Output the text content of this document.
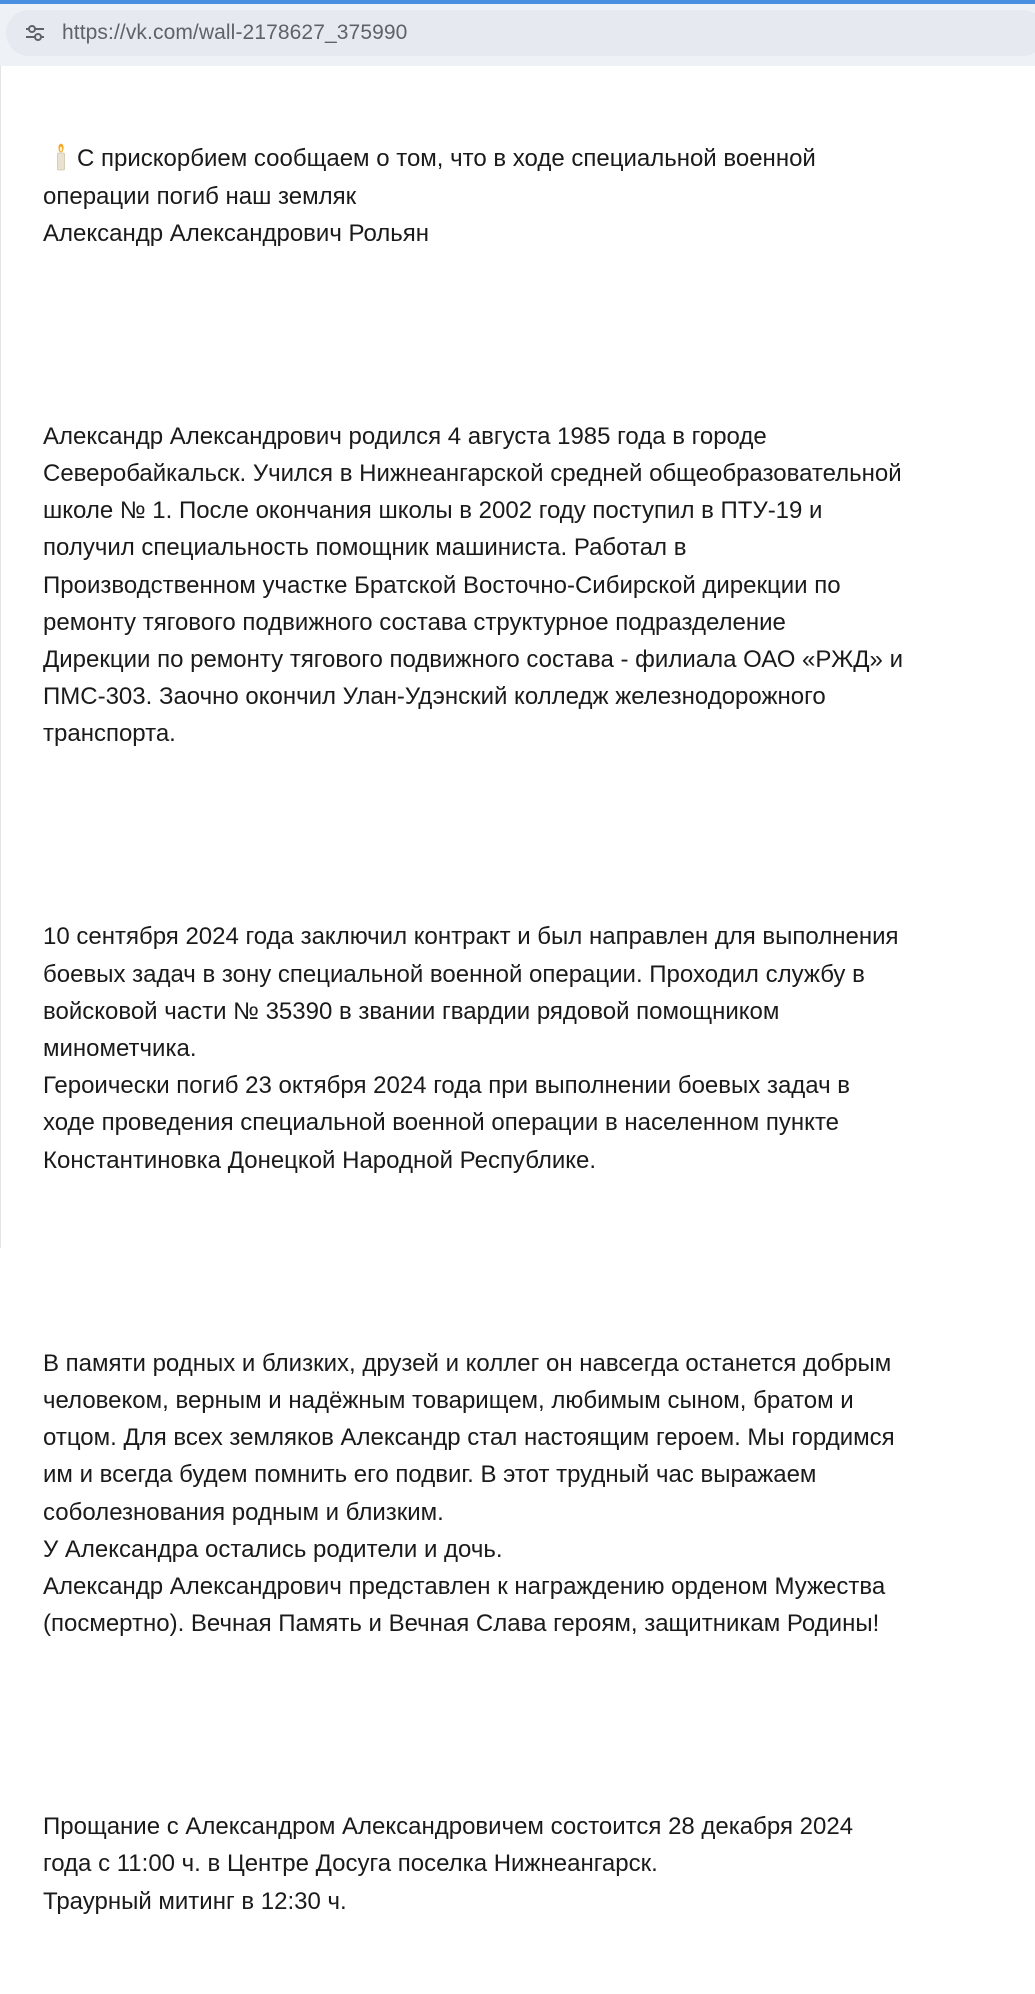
https://vk.com/wall-2178627_375990

С прискорбием сообщаем о том, что в ходе специальной военной
операции погиб наш земляк
Александр Александрович Рольян

Александр Александрович родился 4 августа 1985 года в городе
Северобайкальск. Учился в Нижнеангарской средней общеобразовательной
школе № 1. После окончания школы в 2002 году поступил в ПТУ-19 и
получил специальность помощник машиниста. Работал в
Производственном участке Братской Восточно-Сибирской дирекции по
ремонту тягового подвижного состава структурное подразделение
Дирекции по ремонту тягового подвижного состава - филиала ОАО «РЖД» и
ПМС-303. Заочно окончил Улан-Удэнский колледж железнодорожного
транспорта.

10 сентября 2024 года заключил контракт и был направлен для выполнения
боевых задач в зону специальной военной операции. Проходил службу в
войсковой части № 35390 в звании гвардии рядовой помощником
минометчика.
Героически погиб 23 октября 2024 года при выполнении боевых задач в
ходе проведения специальной военной операции в населенном пункте
Константиновка Донецкой Народной Республике.

В памяти родных и близких, друзей и коллег он навсегда останется добрым
человеком, верным и надёжным товарищем, любимым сыном, братом и
отцом. Для всех земляков Александр стал настоящим героем. Мы гордимся
им и всегда будем помнить его подвиг. В этот трудный час выражаем
соболезнования родным и близким.
У Александра остались родители и дочь.
Александр Александрович представлен к награждению орденом Мужества
(посмертно). Вечная Память и Вечная Слава героям, защитникам Родины!

Прощание с Александром Александровичем состоится 28 декабря 2024
года с 11:00 ч. в Центре Досуга поселка Нижнеангарск.
Траурный митинг в 12:30 ч.
